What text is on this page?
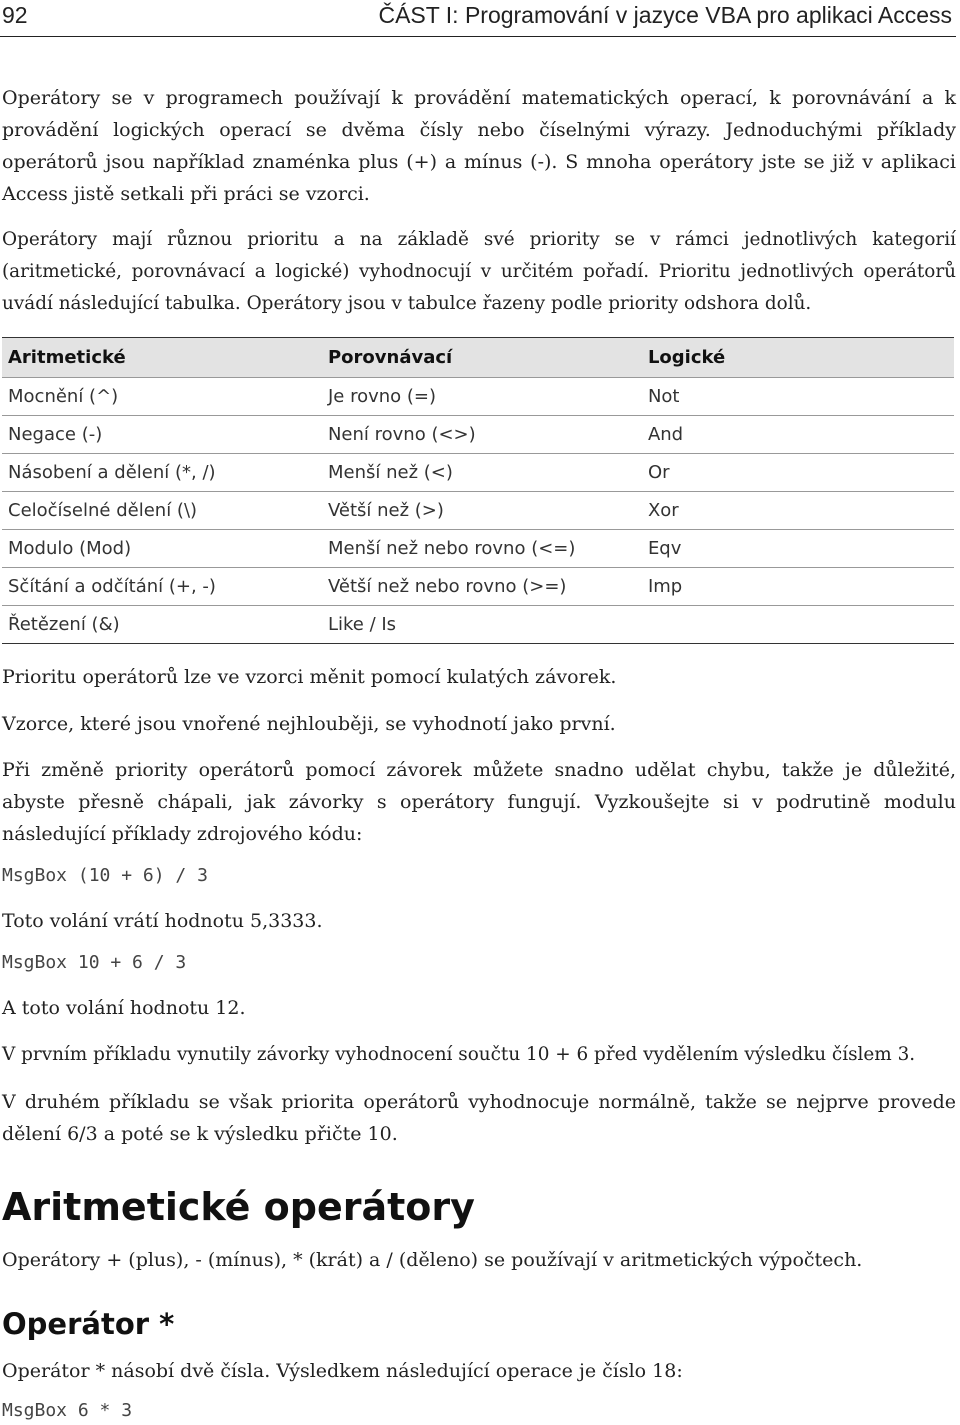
92	ČÁST I: Programování v jazyce VBA pro aplikaci Access

Operátory se v programech používají k provádění matematických operací, k porovnávání a k provádění logických operací se dvěma čísly nebo číselnými výrazy. Jednoduchými příklady operátorů jsou například znaménka plus (+) a mínus (-). S mnoha operátory jste se již v aplikaci Access jistě setkali při práci se vzorci.

Operátory mají různou prioritu a na základě své priority se v rámci jednotlivých kategorií (aritmetické, porovnávací a logické) vyhodnocují v určitém pořadí. Prioritu jednotlivých operátorů uvádí následující tabulka. Operátory jsou v tabulce řazeny podle priority odshora dolů.

Aritmetické	Porovnávací	Logické
Mocnění (^)	Je rovno (=)	Not
Negace (-)	Není rovno (<>)	And
Násobení a dělení (*, /)	Menší než (<)	Or
Celočíselné dělení (\)	Větší než (>)	Xor
Modulo (Mod)	Menší než nebo rovno (<=)	Eqv
Sčítání a odčítání (+, -)	Větší než nebo rovno (>=)	Imp
Řetězení (&)	Like / Is

Prioritu operátorů lze ve vzorci měnit pomocí kulatých závorek.

Vzorce, které jsou vnořené nejhlouběji, se vyhodnotí jako první.

Při změně priority operátorů pomocí závorek můžete snadno udělat chybu, takže je důležité, abyste přesně chápali, jak závorky s operátory fungují. Vyzkoušejte si v podrutině modulu následující příklady zdrojového kódu:

MsgBox (10 + 6) / 3

Toto volání vrátí hodnotu 5,3333.

MsgBox 10 + 6 / 3

A toto volání hodnotu 12.

V prvním příkladu vynutily závorky vyhodnocení součtu 10 + 6 před vydělením výsledku číslem 3.

V druhém příkladu se však priorita operátorů vyhodnocuje normálně, takže se nejprve provede dělení 6/3 a poté se k výsledku přičte 10.

Aritmetické operátory

Operátory + (plus), - (mínus), * (krát) a / (děleno) se používají v aritmetických výpočtech.

Operátor *

Operátor * násobí dvě čísla. Výsledkem následující operace je číslo 18:

MsgBox 6 * 3
